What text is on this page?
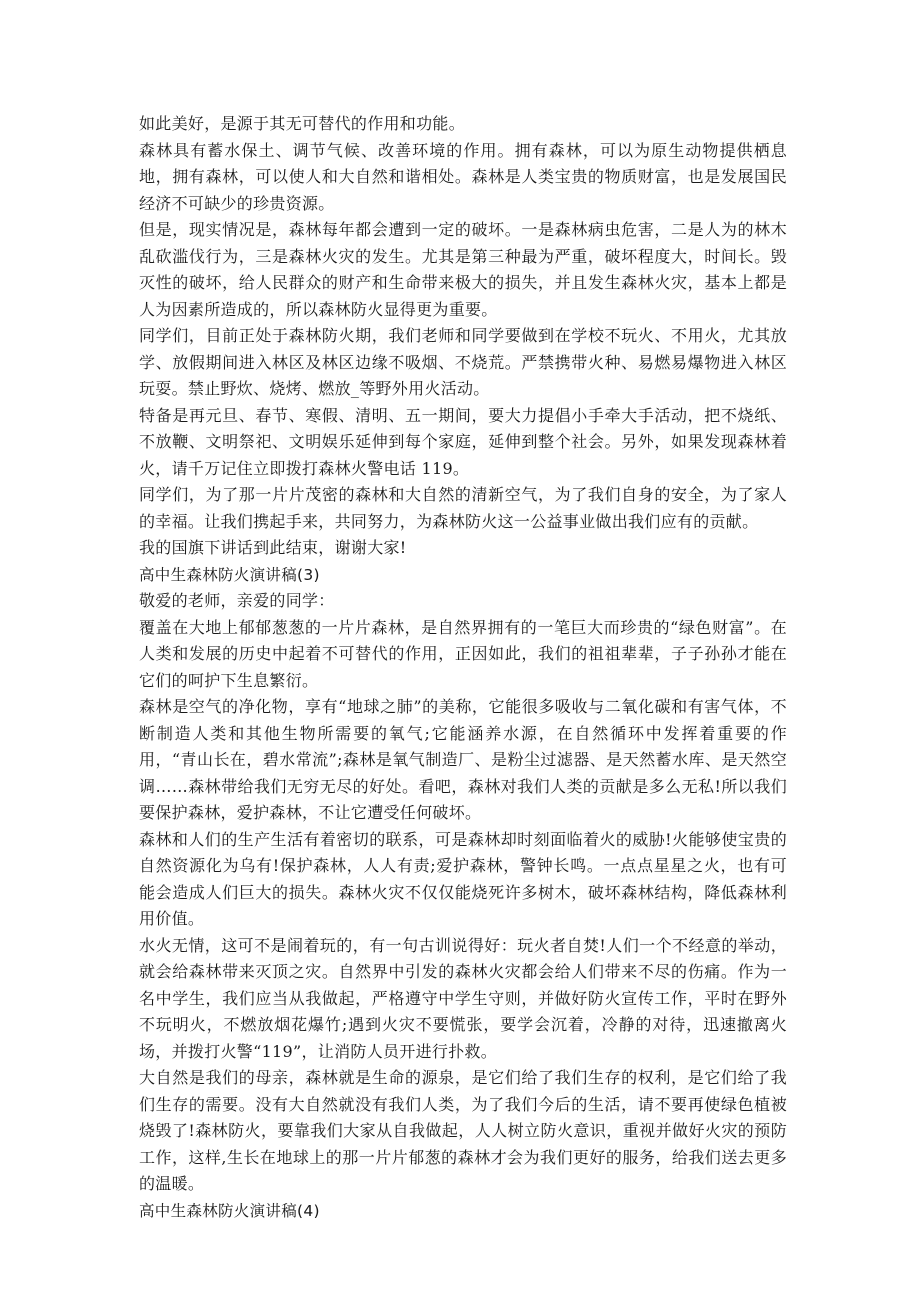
如此美好，是源于其无可替代的作用和功能。

森林具有蓄水保土、调节气候、改善环境的作用。拥有森林，可以为原生动物提供栖息地，拥有森林，可以使人和大自然和谐相处。森林是人类宝贵的物质财富，也是发展国民经济不可缺少的珍贵资源。

但是，现实情况是，森林每年都会遭到一定的破坏。一是森林病虫危害，二是人为的林木乱砍滥伐行为，三是森林火灾的发生。尤其是第三种最为严重，破坏程度大，时间长。毁灭性的破坏，给人民群众的财产和生命带来极大的损失，并且发生森林火灾，基本上都是人为因素所造成的，所以森林防火显得更为重要。

同学们，目前正处于森林防火期，我们老师和同学要做到在学校不玩火、不用火，尤其放学、放假期间进入林区及林区边缘不吸烟、不烧荒。严禁携带火种、易燃易爆物进入林区玩耍。禁止野炊、烧烤、燃放_等野外用火活动。

特备是再元旦、春节、寒假、清明、五一期间，要大力提倡小手牵大手活动，把不烧纸、不放鞭、文明祭祀、文明娱乐延伸到每个家庭，延伸到整个社会。另外，如果发现森林着火，请千万记住立即拨打森林火警电话 119。

同学们，为了那一片片茂密的森林和大自然的清新空气，为了我们自身的安全，为了家人的幸福。让我们携起手来，共同努力，为森林防火这一公益事业做出我们应有的贡献。

我的国旗下讲话到此结束，谢谢大家!

高中生森林防火演讲稿(3)

敬爱的老师，亲爱的同学：

覆盖在大地上郁郁葱葱的一片片森林，是自然界拥有的一笔巨大而珍贵的“绿色财富”。在人类和发展的历史中起着不可替代的作用，正因如此，我们的祖祖辈辈，子子孙孙才能在它们的呵护下生息繁衍。

森林是空气的净化物，享有“地球之肺”的美称，它能很多吸收与二氧化碳和有害气体，不断制造人类和其他生物所需要的氧气;它能涵养水源，在自然循环中发挥着重要的作用，“青山长在，碧水常流”;森林是氧气制造厂、是粉尘过滤器、是天然蓄水库、是天然空调……森林带给我们无穷无尽的好处。看吧，森林对我们人类的贡献是多么无私!所以我们要保护森林，爱护森林，不让它遭受任何破坏。

森林和人们的生产生活有着密切的联系，可是森林却时刻面临着火的威胁!火能够使宝贵的自然资源化为乌有!保护森林，人人有责;爱护森林，警钟长鸣。一点点星星之火，也有可能会造成人们巨大的损失。森林火灾不仅仅能烧死许多树木，破坏森林结构，降低森林利用价值。

水火无情，这可不是闹着玩的，有一句古训说得好：玩火者自焚!人们一个不经意的举动，就会给森林带来灭顶之灾。自然界中引发的森林火灾都会给人们带来不尽的伤痛。作为一名中学生，我们应当从我做起，严格遵守中学生守则，并做好防火宣传工作，平时在野外不玩明火，不燃放烟花爆竹;遇到火灾不要慌张，要学会沉着，冷静的对待，迅速撤离火场，并拨打火警“119”，让消防人员开进行扑救。

大自然是我们的母亲，森林就是生命的源泉，是它们给了我们生存的权利，是它们给了我们生存的需要。没有大自然就没有我们人类，为了我们今后的生活，请不要再使绿色植被烧毁了!森林防火，要靠我们大家从自我做起，人人树立防火意识，重视并做好火灾的预防工作，这样,生长在地球上的那一片片郁葱的森林才会为我们更好的服务，给我们送去更多的温暖。

高中生森林防火演讲稿(4)
